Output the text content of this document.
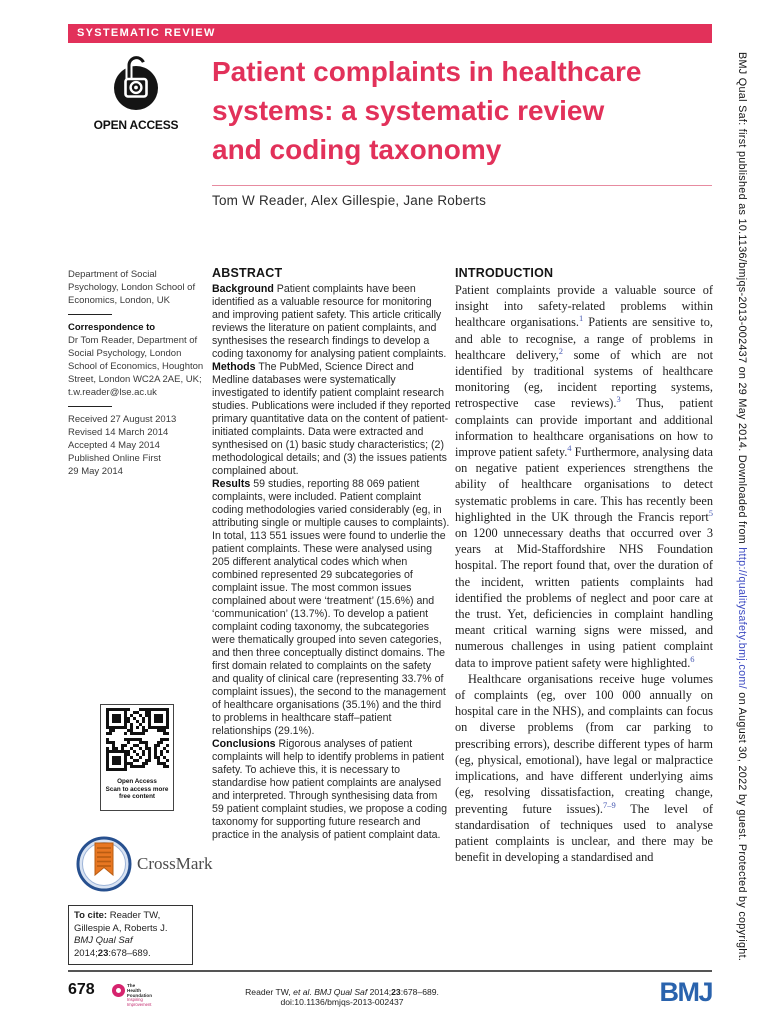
SYSTEMATIC REVIEW
OPEN ACCESS
Patient complaints in healthcare
systems: a systematic review
and coding taxonomy
Tom W Reader, Alex Gillespie, Jane Roberts

Department of Social Psychology, London School of Economics, London, UK

Correspondence to

Dr Tom Reader, Department of Social Psychology, London School of Economics, Houghton Street, London WC2A 2AE, UK; t.w.reader@lse.ac.uk

Received 27 August 2013
Revised 14 March 2014
Accepted 4 May 2014
Published Online First
29 May 2014
Open Access
Scan to access more
free content
CrossMark
To cite: Reader TW, Gillespie A, Roberts J. BMJ Qual Saf 2014;23:678–689.
ABSTRACT

Background Patient complaints have been identified as a valuable resource for monitoring and improving patient safety. This article critically reviews the literature on patient complaints, and synthesises the research findings to develop a coding taxonomy for analysing patient complaints.

Methods The PubMed, Science Direct and Medline databases were systematically investigated to identify patient complaint research studies. Publications were included if they reported primary quantitative data on the content of patient-initiated complaints. Data were extracted and synthesised on (1) basic study characteristics; (2) methodological details; and (3) the issues patients complained about.

Results 59 studies, reporting 88 069 patient complaints, were included. Patient complaint coding methodologies varied considerably (eg, in attributing single or multiple causes to complaints). In total, 113 551 issues were found to underlie the patient complaints. These were analysed using 205 different analytical codes which when combined represented 29 subcategories of complaint issue. The most common issues complained about were ‘treatment’ (15.6%) and ‘communication’ (13.7%). To develop a patient complaint coding taxonomy, the subcategories were thematically grouped into seven categories, and then three conceptually distinct domains. The first domain related to complaints on the safety and quality of clinical care (representing 33.7% of complaint issues), the second to the management of healthcare organisations (35.1%) and the third to problems in healthcare staff–patient relationships (29.1%).

Conclusions Rigorous analyses of patient complaints will help to identify problems in patient safety. To achieve this, it is necessary to standardise how patient complaints are analysed and interpreted. Through synthesising data from 59 patient complaint studies, we propose a coding taxonomy for supporting future research and practice in the analysis of patient complaint data.

INTRODUCTION

Patient complaints provide a valuable source of insight into safety-related problems within healthcare organisations.$^1$ Patients are sensitive to, and able to recognise, a range of problems in healthcare delivery,$^2$ some of which are not identified by traditional systems of healthcare monitoring (eg, incident reporting systems, retrospective case reviews).$^3$ Thus, patient complaints can provide important and additional information to healthcare organisations on how to improve patient safety.$^4$ Furthermore, analysing data on negative patient experiences strengthens the ability of healthcare organisations to detect systematic problems in care. This has recently been highlighted in the UK through the Francis report$^5$ on 1200 unnecessary deaths that occurred over 3 years at Mid-Staffordshire NHS Foundation hospital. The report found that, over the duration of the incident, written patients complaints had identified the problems of neglect and poor care at the trust. Yet, deficiencies in complaint handling meant critical warning signs were missed, and numerous challenges in using patient complaint data to improve patient safety were highlighted.$^6$

Healthcare organisations receive huge volumes of complaints (eg, over 100 000 annually on hospital care in the NHS), and complaints can focus on diverse problems (from car parking to prescribing errors), describe different types of harm (eg, physical, emotional), have legal or malpractice implications, and have different underlying aims (eg, resolving dissatisfaction, creating change, preventing future issues).$^{7-9}$ The level of standardisation of techniques used to analyse patient complaints is unclear, and there may be benefit in developing a standardised and

678	The
Health
Foundation
Inspiring
Improvement
Reader TW, et al. BMJ Qual Saf 2014;23:678–689. doi:10.1136/bmjqs-2013-002437	BMJ
BMJ Qual Saf: first published as 10.1136/bmjqs-2013-002437 on 29 May 2014. Downloaded from http://qualitysafety.bmj.com/ on August 30, 2022 by guest. Protected by copyright.
